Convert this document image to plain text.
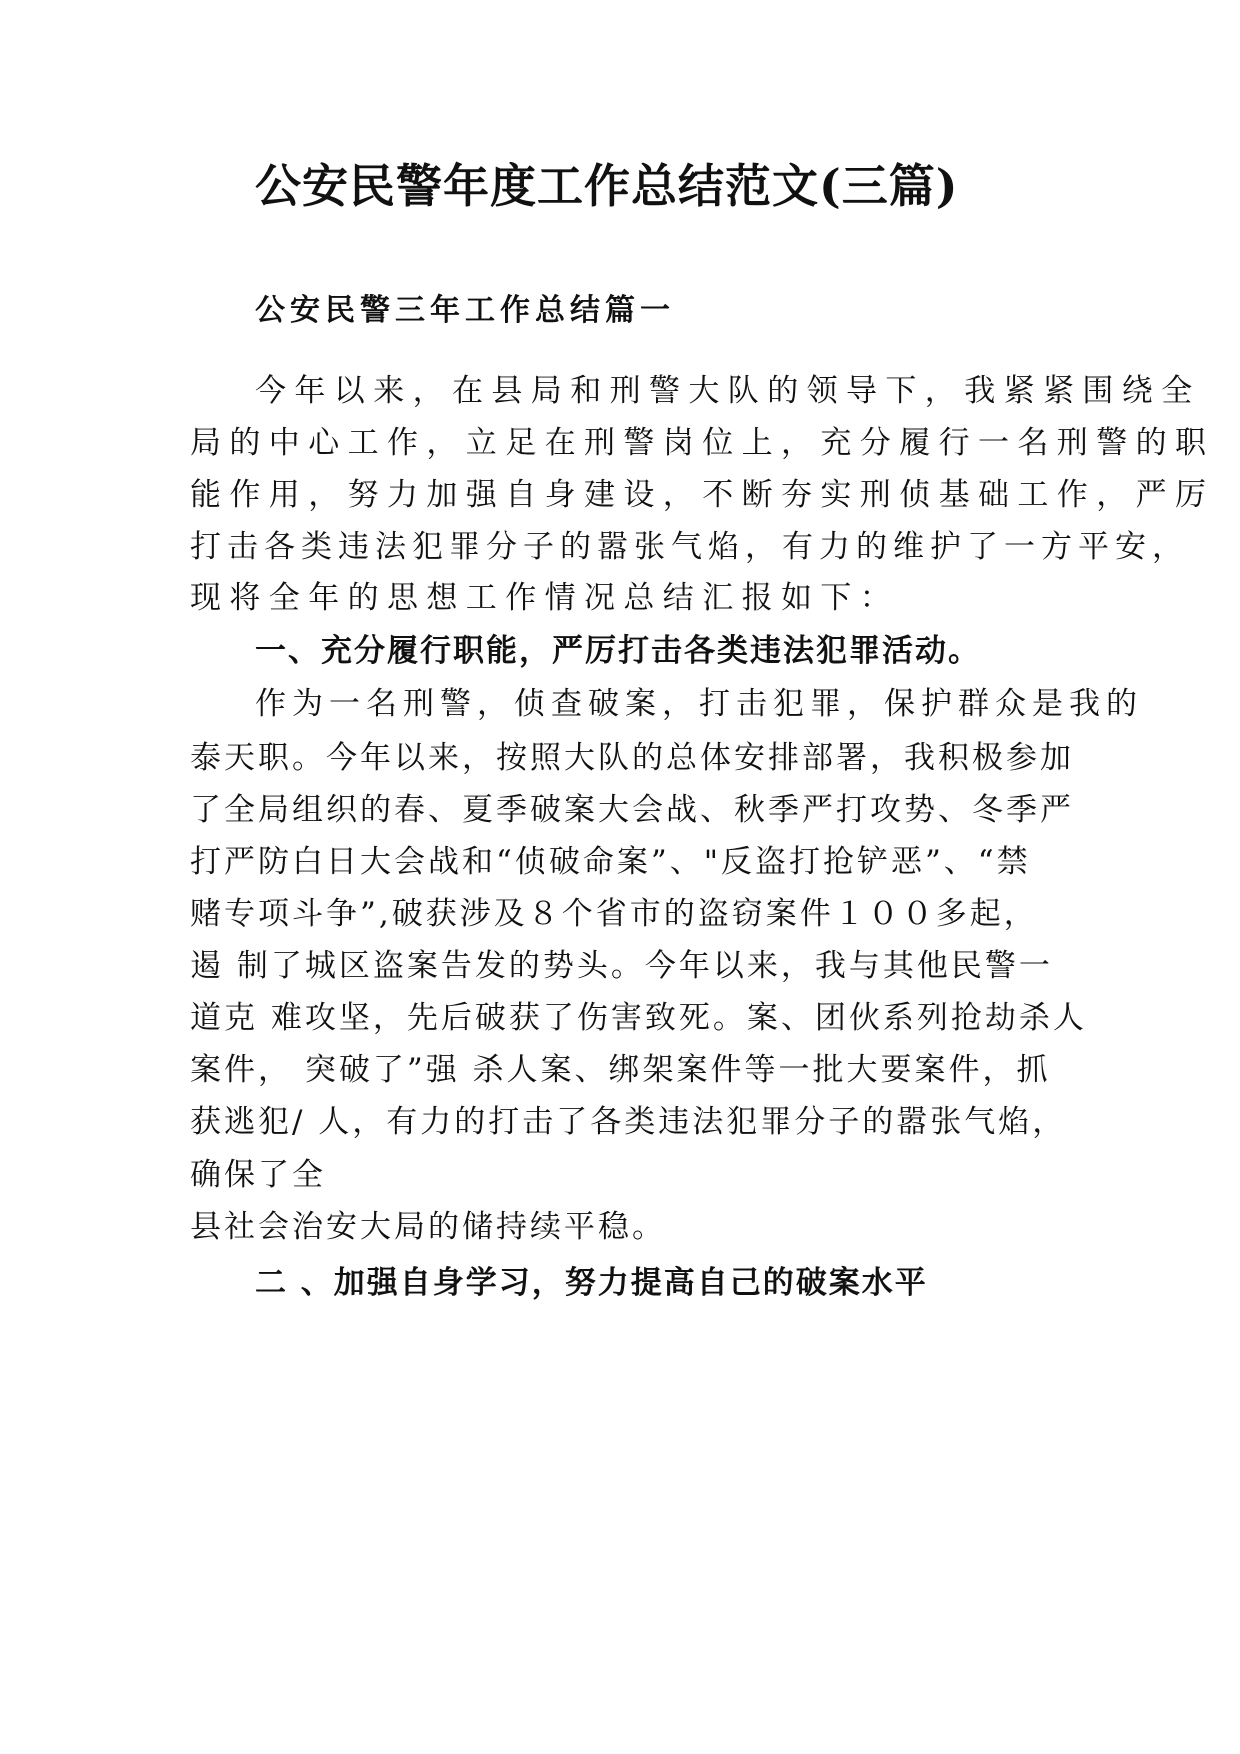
公安民警年度工作总结范文(三篇)
公安民警三年工作总结篇一
今年以来，在县局和刑警大队的领导下，我紧紧围绕全
局的中心工作，立足在刑警岗位上，充分履行一名刑警的职
能作用，努力加强自身建设，不断夯实刑侦基础工作，严厉
打击各类违法犯罪分子的嚣张气焰，有力的维护了一方平安，
现将全年的思想工作情况总结汇报如下：
一、充分履行职能，严厉打击各类违法犯罪活动。
作为一名刑警，侦查破案，打击犯罪，保护群众是我的
泰天职。今年以来，按照大队的总体安排部署，我积极参加
了全局组织的春、夏季破案大会战、秋季严打攻势、冬季严
打严防白日大会战和“侦破命案”、"反盗打抢铲恶”、“禁
赌专项斗争”,破获涉及８个省市的盗窃案件１００多起，
遏 制了城区盗案告发的势头。今年以来，我与其他民警一
道克 难攻坚，先后破获了伤害致死。案、团伙系列抢劫杀人
案件， 突破了”强 杀人案、绑架案件等一批大要案件，抓
获逃犯/ 人，有力的打击了各类违法犯罪分子的嚣张气焰，
确保了全
县社会治安大局的储持续平稳。
二 、加强自身学习，努力提高自己的破案水平
